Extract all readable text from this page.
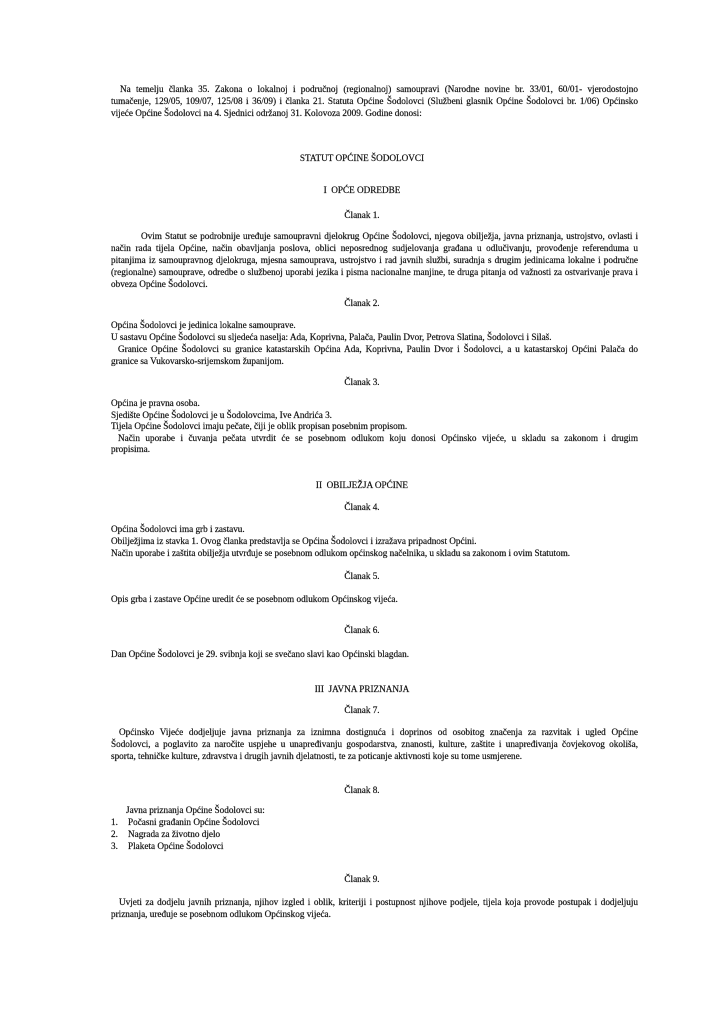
Na temelju članka 35. Zakona o lokalnoj i područnoj (regionalnoj) samoupravi (Narodne novine br. 33/01, 60/01- vjerodostojno
tumačenje, 129/05, 109/07, 125/08 i 36/09) i članka 21. Statuta Općine Šodolovci (Službeni glasnik Općine Šodolovci br. 1/06) Općinsko
vijeće Općine Šodolovci na 4. Sjednici održanoj 31. Kolovoza 2009. Godine donosi:
STATUT OPĆINE ŠODOLOVCI
I  OPĆE ODREDBE
Članak 1.
Ovim Statut se podrobnije uređuje samoupravni djelokrug Općine Šodolovci, njegova obilježja, javna priznanja, ustrojstvo, ovlasti i
način rada tijela Općine, način obavljanja poslova, oblici neposrednog sudjelovanja građana u odlučivanju, provođenje referenduma u
pitanjima iz samoupravnog djelokruga, mjesna samouprava, ustrojstvo i rad javnih službi, suradnja s drugim jedinicama lokalne i područne
(regionalne) samouprave, odredbe o službenoj uporabi jezika i pisma nacionalne manjine, te druga pitanja od važnosti za ostvarivanje prava i
obveza Općine Šodolovci.
Članak 2.
Općina Šodolovci je jedinica lokalne samouprave.
U sastavu Općine Šodolovci su sljedeća naselja: Ada, Koprivna, Palača, Paulin Dvor, Petrova Slatina, Šodolovci i Silaš.
Granice Općine Šodolovci su granice katastarskih Općina Ada, Koprivna, Paulin Dvor i Šodolovci, a u katastarskoj Općini Palača do
granice sa Vukovarsko-srijemskom županijom.
Članak 3.
Općina je pravna osoba.
Sjedište Općine Šodolovci je u Šodolovcima, Ive Andrića 3.
Tijela Općine Šodolovci imaju pečate, čiji je oblik propisan posebnim propisom.
Način uporabe i čuvanja pečata utvrdit će se posebnom odlukom koju donosi Općinsko vijeće, u skladu sa zakonom i drugim
propisima.
II  OBILJEŽJA OPĆINE
Članak 4.
Općina Šodolovci ima grb i zastavu.
Obilježjima iz stavka 1. Ovog članka predstavlja se Općina Šodolovci i izražava pripadnost Općini.
Način uporabe i zaštita obilježja utvrđuje se posebnom odlukom općinskog načelnika, u skladu sa zakonom i ovim Statutom.
Članak 5.
Opis grba i zastave Općine uredit će se posebnom odlukom Općinskog vijeća.
Članak 6.
Dan Općine Šodolovci je 29. svibnja koji se svečano slavi kao Općinski blagdan.
III  JAVNA PRIZNANJA
Članak 7.
Općinsko Vijeće dodjeljuje javna priznanja za iznimna dostignuća i doprinos od osobitog značenja za razvitak i ugled Općine
Šodolovci, a poglavito za naročite uspjehe u unapređivanju gospodarstva, znanosti, kulture, zaštite i unapređivanja čovjekovog okoliša,
sporta, tehničke kulture, zdravstva i drugih javnih djelatnosti, te za poticanje aktivnosti koje su tome usmjerene.
Članak 8.
Javna priznanja Općine Šodolovci su:
1. Počasni građanin Općine Šodolovci
2. Nagrada za životno djelo
3. Plaketa Općine Šodolovci
Članak 9.
Uvjeti za dodjelu javnih priznanja, njihov izgled i oblik, kriteriji i postupnost njihove podjele, tijela koja provode postupak i dodjeljuju
priznanja, uređuje se posebnom odlukom Općinskog vijeća.
